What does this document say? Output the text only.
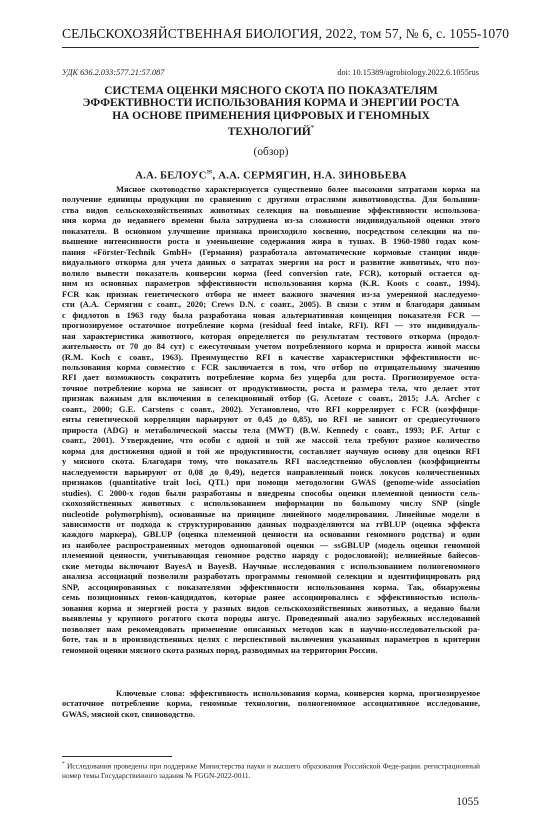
СЕЛЬСКОХОЗЯЙСТВЕННАЯ БИОЛОГИЯ, 2022, том 57, № 6, с. 1055-1070
УДК 636.2.033:577.21:57.087	doi: 10.15389/agrobiology.2022.6.1055rus
СИСТЕМА ОЦЕНКИ МЯСНОГО СКОТА ПО ПОКАЗАТЕЛЯМ
ЭФФЕКТИВНОСТИ ИСПОЛЬЗОВАНИЯ КОРМА И ЭНЕРГИИ РОСТА
НА ОСНОВЕ ПРИМЕНЕНИЯ ЦИФРОВЫХ И ГЕНОМНЫХ
ТЕХНОЛОГИЙ*
(обзор)
А.А. БЕЛОУС✉, А.А. СЕРМЯГИН, Н.А. ЗИНОВЬЕВА
Мясное скотоводство характеризуется существенно более высокими затратами корма на
получение единицы продукции по сравнению с другими отраслями животноводства. Для большин-
ства видов сельскохозяйственных животных селекция на повышение эффективности использова-
ния корма до недавнего времени была затруднена из-за сложности индивидуальной оценки этого
показателя. В основном улучшение признака происходило косвенно, посредством селекции на по-
вышение интенсивности роста и уменьшение содержания жира в тушах. В 1960-1980 годах ком-
пания «Förster-Technik GmbH» (Германия) разработала автоматические кормовые станции инди-
видуального откорма для учета данных о затратах энергии на рост и развитие животных, что поз-
волило вывести показатель конверсии корма (feed conversion rate, FCR), который остается од-
ним из основных параметров эффективности использования корма (K.R. Koots с соавт., 1994).
FCR как признак генетического отбора не имеет важного значения из-за умеренной наследуемо-
сти (А.А. Сермягин с соавт., 2020; Crews D.N. с соавт., 2005). В связи с этим и благодаря данным
с фидлотов в 1963 году была разработана новая альтернативная концепция показателя FCR —
прогнозируемое остаточное потребление корма (residual feed intake, RFI). RFI — это индивидуаль-
ная характеристика животного, которая определяется по результатам тестового откорма (продол-
жительность от 70 до 84 сут) с ежесуточным учетом потребленного корма и прироста живой массы
(R.M. Koch с соавт., 1963). Преимущество RFI в качестве характеристики эффективности ис-
пользования корма совместно с FCR заключается в том, что отбор по отрицательному значению
RFI дает возможность сократить потребление корма без ущерба для роста. Прогнозируемое оста-
точное потребление корма не зависит от продуктивности, роста и размера тела, что делает этот
признак важным для включения в селекционный отбор (G. Acetoze с соавт., 2015; J.A. Archer с
соавт., 2000; G.E. Carstens с соавт., 2002). Установлено, что RFI коррелирует с FCR (коэффици-
енты генетической корреляции варьируют от 0,45 до 0,85), но RFI не зависит от среднесуточного
прироста (ADG) и метаболической массы тела (MWT) (B.W. Kennedy с соавт., 1993; P.F. Artur с
соавт., 2001). Утверждение, что особи с одной и той же массой тела требуют разное количество
корма для достижения одной и той же продуктивности, составляет научную основу для оценки RFI
у мясного скота. Благодаря тому, что показатель RFI наследственно обусловлен (коэффициенты
наследуемости варьируют от 0,08 до 0,49), ведется направленный поиск локусов количественных
признаков (quantitative trait loci, QTL) при помощи методологии GWAS (genome-wide association
studies). С 2000-х годов были разработаны и внедрены способы оценки племенной ценности сель-
скохозяйственных животных с использованием информации по большому числу SNP (single
nucleotide polymorphism), основанные на принципе линейного моделирования. Линейные модели в
зависимости от подхода к структурированию данных подразделяются на rrBLUP (оценка эффекта
каждого маркера), GBLUP (оценка племенной ценности на основании геномного родства) и одни
из наиболее распространенных методов одношаговой оценки — ssGBLUP (модель оценки геномной
племенной ценности, учитывающая геномное родство наряду с родословной); нелинейные байесов-
ские методы включают BayesA и BayesB. Научные исследования с использованием полногеномного
анализа ассоциаций позволили разработать программы геномной селекции и идентифицировать ряд
SNP, ассоциированных с показателями эффективности использования корма. Так, обнаружены
семь позиционных генов-кандидатов, которые ранее ассоциировались с эффективностью исполь-
зования корма и энергией роста у разных видов сельскохозяйственных животных, а недавно были
выявлены у крупного рогатого скота породы ангус. Проведенный анализ зарубежных исследований
позволяет нам рекомендовать применение описанных методов как в научно-исследовательской ра-
боте, так и в производственных целях с перспективой включения указанных параметров в критерии
геномной оценки мясного скота разных пород, разводимых на территории России.
Ключевые слова: эффективность использования корма, конверсия корма, прогнозируемое
остаточное потребление корма, геномные технологии, полногеномное ассоциативное исследование,
GWAS, мясной скот, свиноводство.
* Исследования проведены при поддержке Министерства науки и высшего образования Российской Феде-рации. регистрационный номер темы Государственного задания № FGGN-2022-0011.
1055
